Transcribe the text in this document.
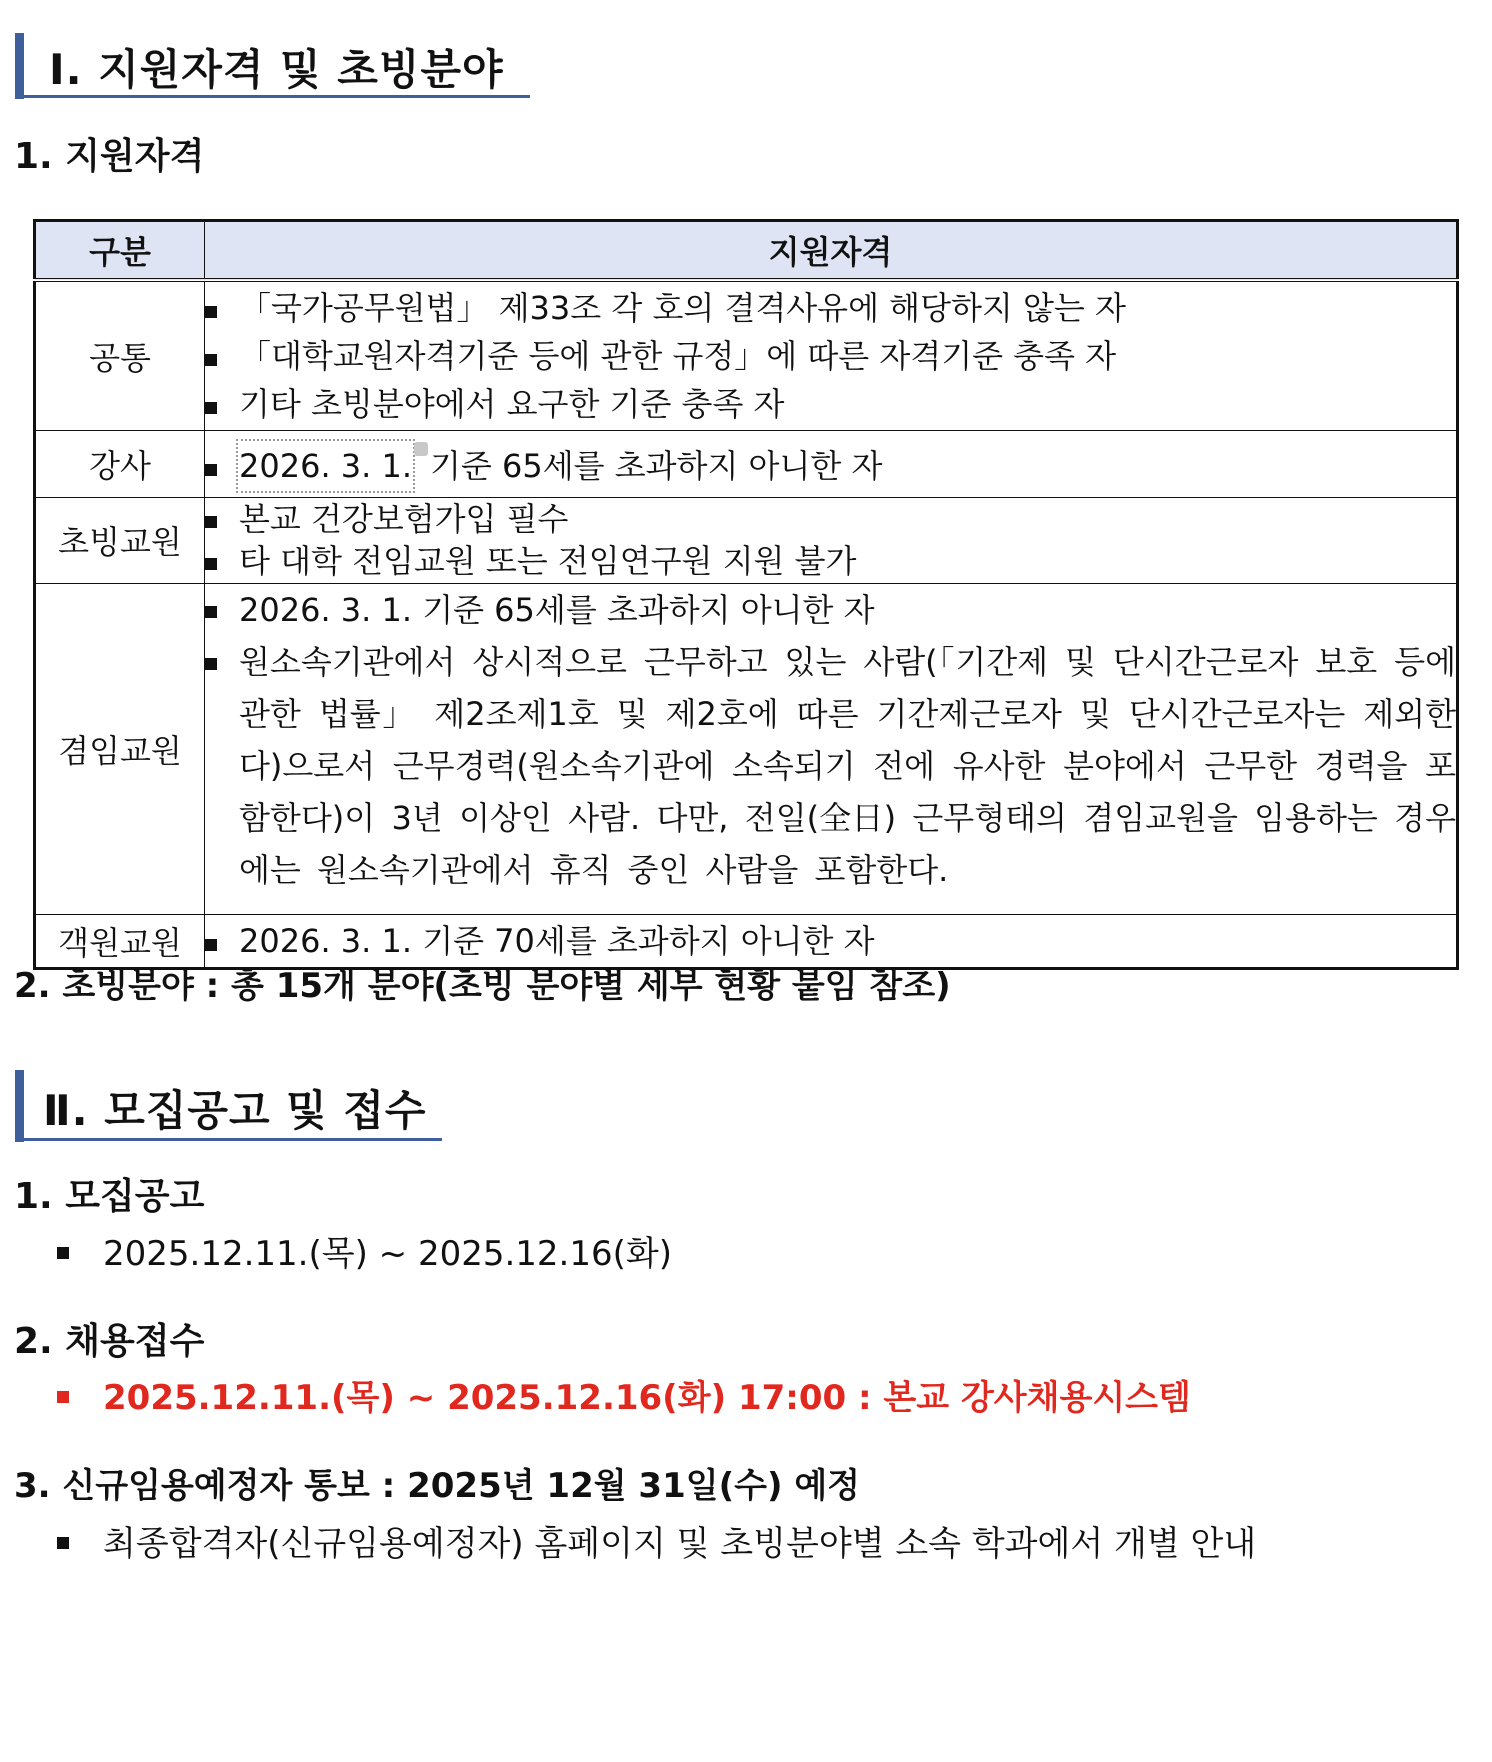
Ⅰ. 지원자격 및 초빙분야
1. 지원자격
구분	지원자격
공통	「국가공무원법」 제33조 각 호의 결격사유에 해당하지 않는 자
「대학교원자격기준 등에 관한 규정」에 따른 자격기준 충족 자
기타 초빙분야에서 요구한 기준 충족 자

강사	2026. 3. 1. 기준 65세를 초과하지 아니한 자

초빙교원	본교 건강보험가입 필수
타 대학 전임교원 또는 전임연구원 지원 불가

겸임교원	2026. 3. 1. 기준 65세를 초과하지 아니한 자
원소속기관에서 상시적으로 근무하고 있는 사람(「기간제 및 단시간근로자 보호 등에 관한 법률」 제2조제1호 및 제2호에 따른 기간제근로자 및 단시간근로자는 제외한다)으로서 근무경력(원소속기관에 소속되기 전에 유사한 분야에서 근무한 경력을 포함한다)이 3년 이상인 사람. 다만, 전일(全日) 근무형태의 겸임교원을 임용하는 경우에는 원소속기관에서 휴직 중인 사람을 포함한다.

객원교원	2026. 3. 1. 기준 70세를 초과하지 아니한 자
2. 초빙분야 : 총 15개 분야(초빙 분야별 세부 현황 붙임 참조)
Ⅱ. 모집공고 및 접수
1. 모집공고
2025.12.11.(목) ~ 2025.12.16(화)
2. 채용접수
2025.12.11.(목) ~ 2025.12.16(화) 17:00 : 본교 강사채용시스템
3. 신규임용예정자 통보 : 2025년 12월 31일(수) 예정
최종합격자(신규임용예정자) 홈페이지 및 초빙분야별 소속 학과에서 개별 안내
